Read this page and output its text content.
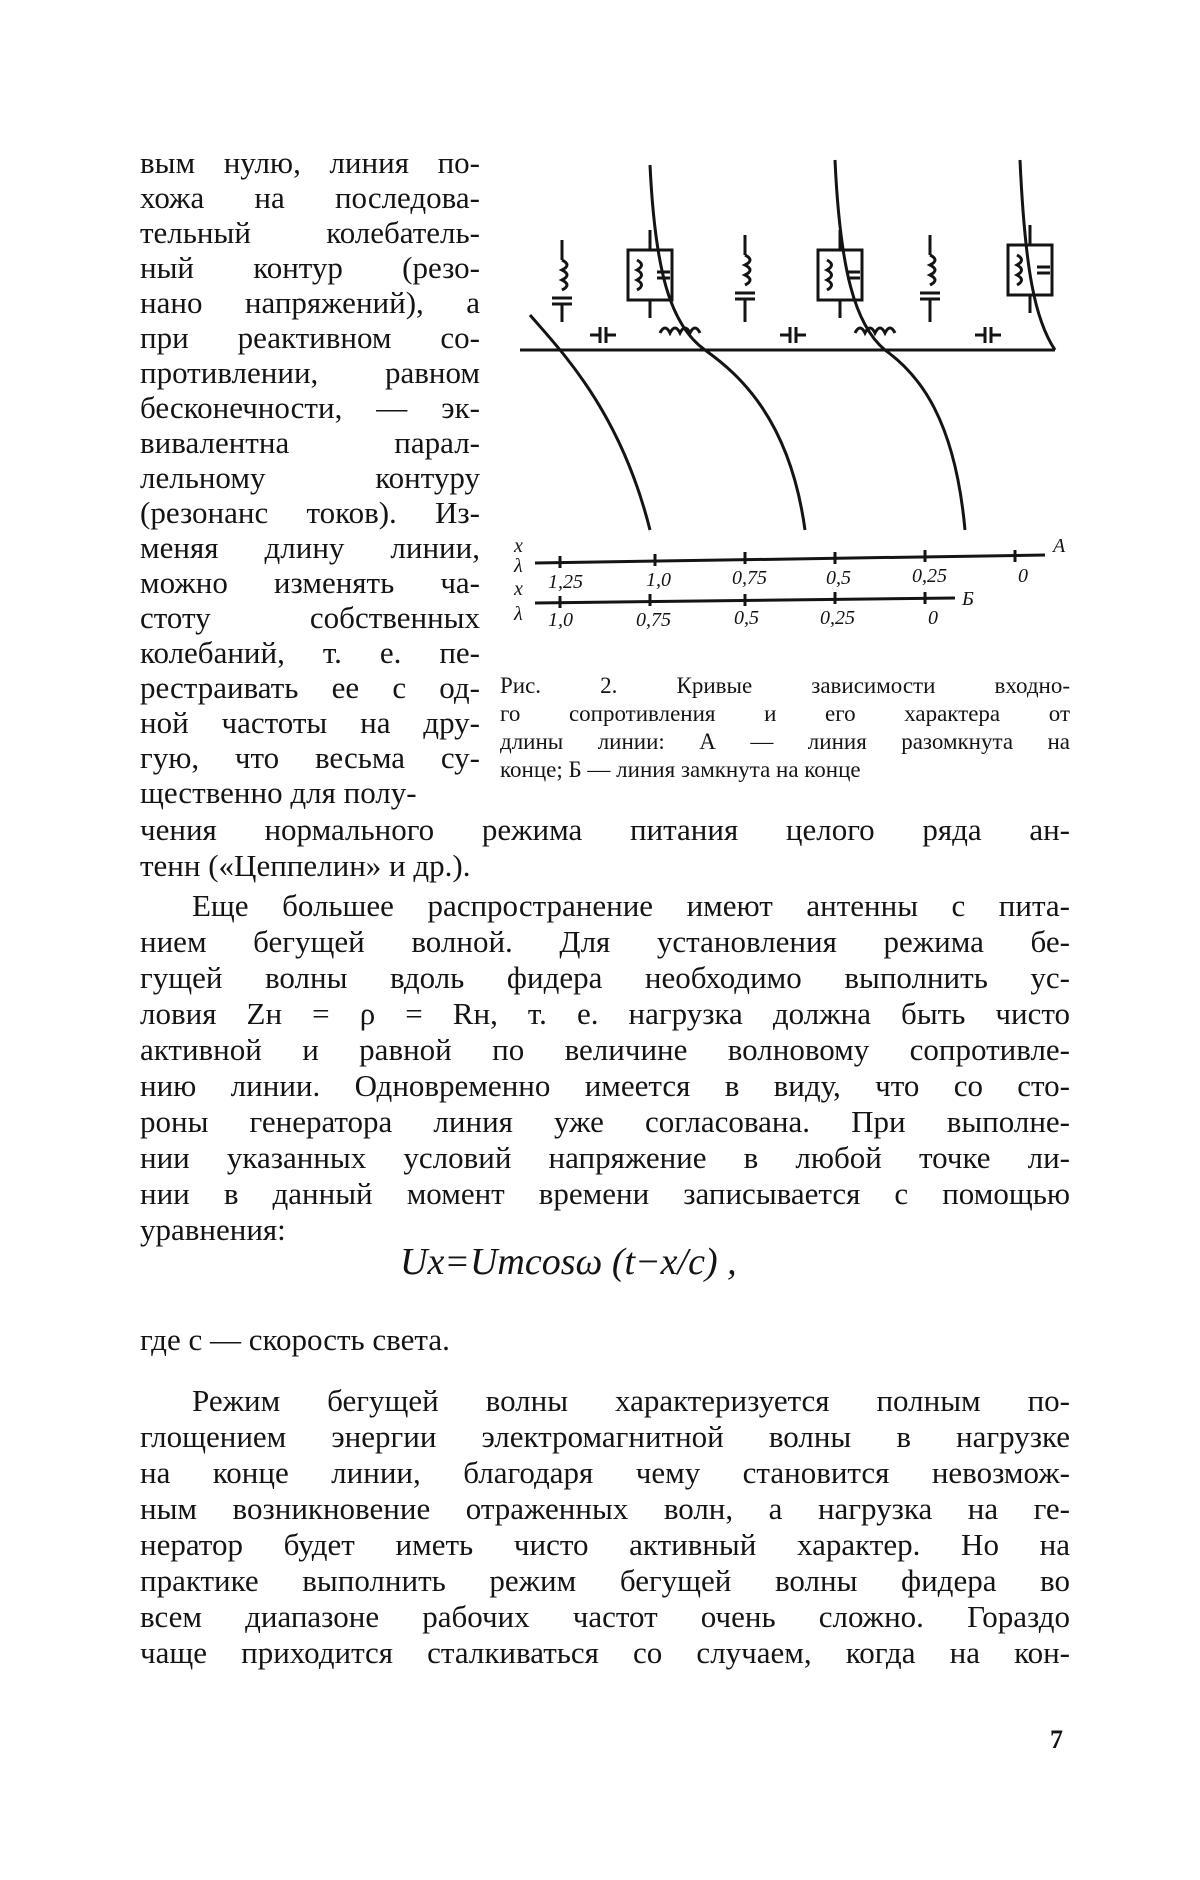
вым нулю, линия по-
хожа на последова-
тельный колебатель-
ный контур (резо-
нано напряжений), а
при реактивном со-
противлении, равном
бесконечности, — эк-
вивалентна парал-
лельному контуру
(резонанс токов). Из-
меняя длину линии,
можно изменять ча-
стоту собственных
колебаний, т. е. пе-
рестраивать ее с од-
ной частоты на дру-
гую, что весьма су-
щественно для полу-
x
λ
x
λ
А
Б
1,25	1,0	0,75	0,5	0,25	0
1,0	0,75	0,5	0,25	0
Рис. 2. Кривые зависимости входно-
го сопротивления и его характера от
длины линии: А — линия разомкнута на
конце; Б — линия замкнута на конце
чения нормального режима питания целого ряда ан-
тенн («Цеппелин» и др.).
Еще большее распространение имеют антенны с пита-
нием бегущей волной. Для установления режима бе-
гущей волны вдоль фидера необходимо выполнить ус-
ловия Zн = ρ = Rн, т. е. нагрузка должна быть чисто
активной и равной по величине волновому сопротивле-
нию линии. Одновременно имеется в виду, что со сто-
роны генератора линия уже согласована. При выполне-
нии указанных условий напряжение в любой точке ли-
нии в данный момент времени записывается с помощью
уравнения:
Ux=Umcosω (t−x/c) ,
где c — скорость света.
Режим бегущей волны характеризуется полным по-
глощением энергии электромагнитной волны в нагрузке
на конце линии, благодаря чему становится невозмож-
ным возникновение отраженных волн, а нагрузка на ге-
нератор будет иметь чисто активный характер. Но на
практике выполнить режим бегущей волны фидера во
всем диапазоне рабочих частот очень сложно. Гораздо
чаще приходится сталкиваться со случаем, когда на кон-
7
